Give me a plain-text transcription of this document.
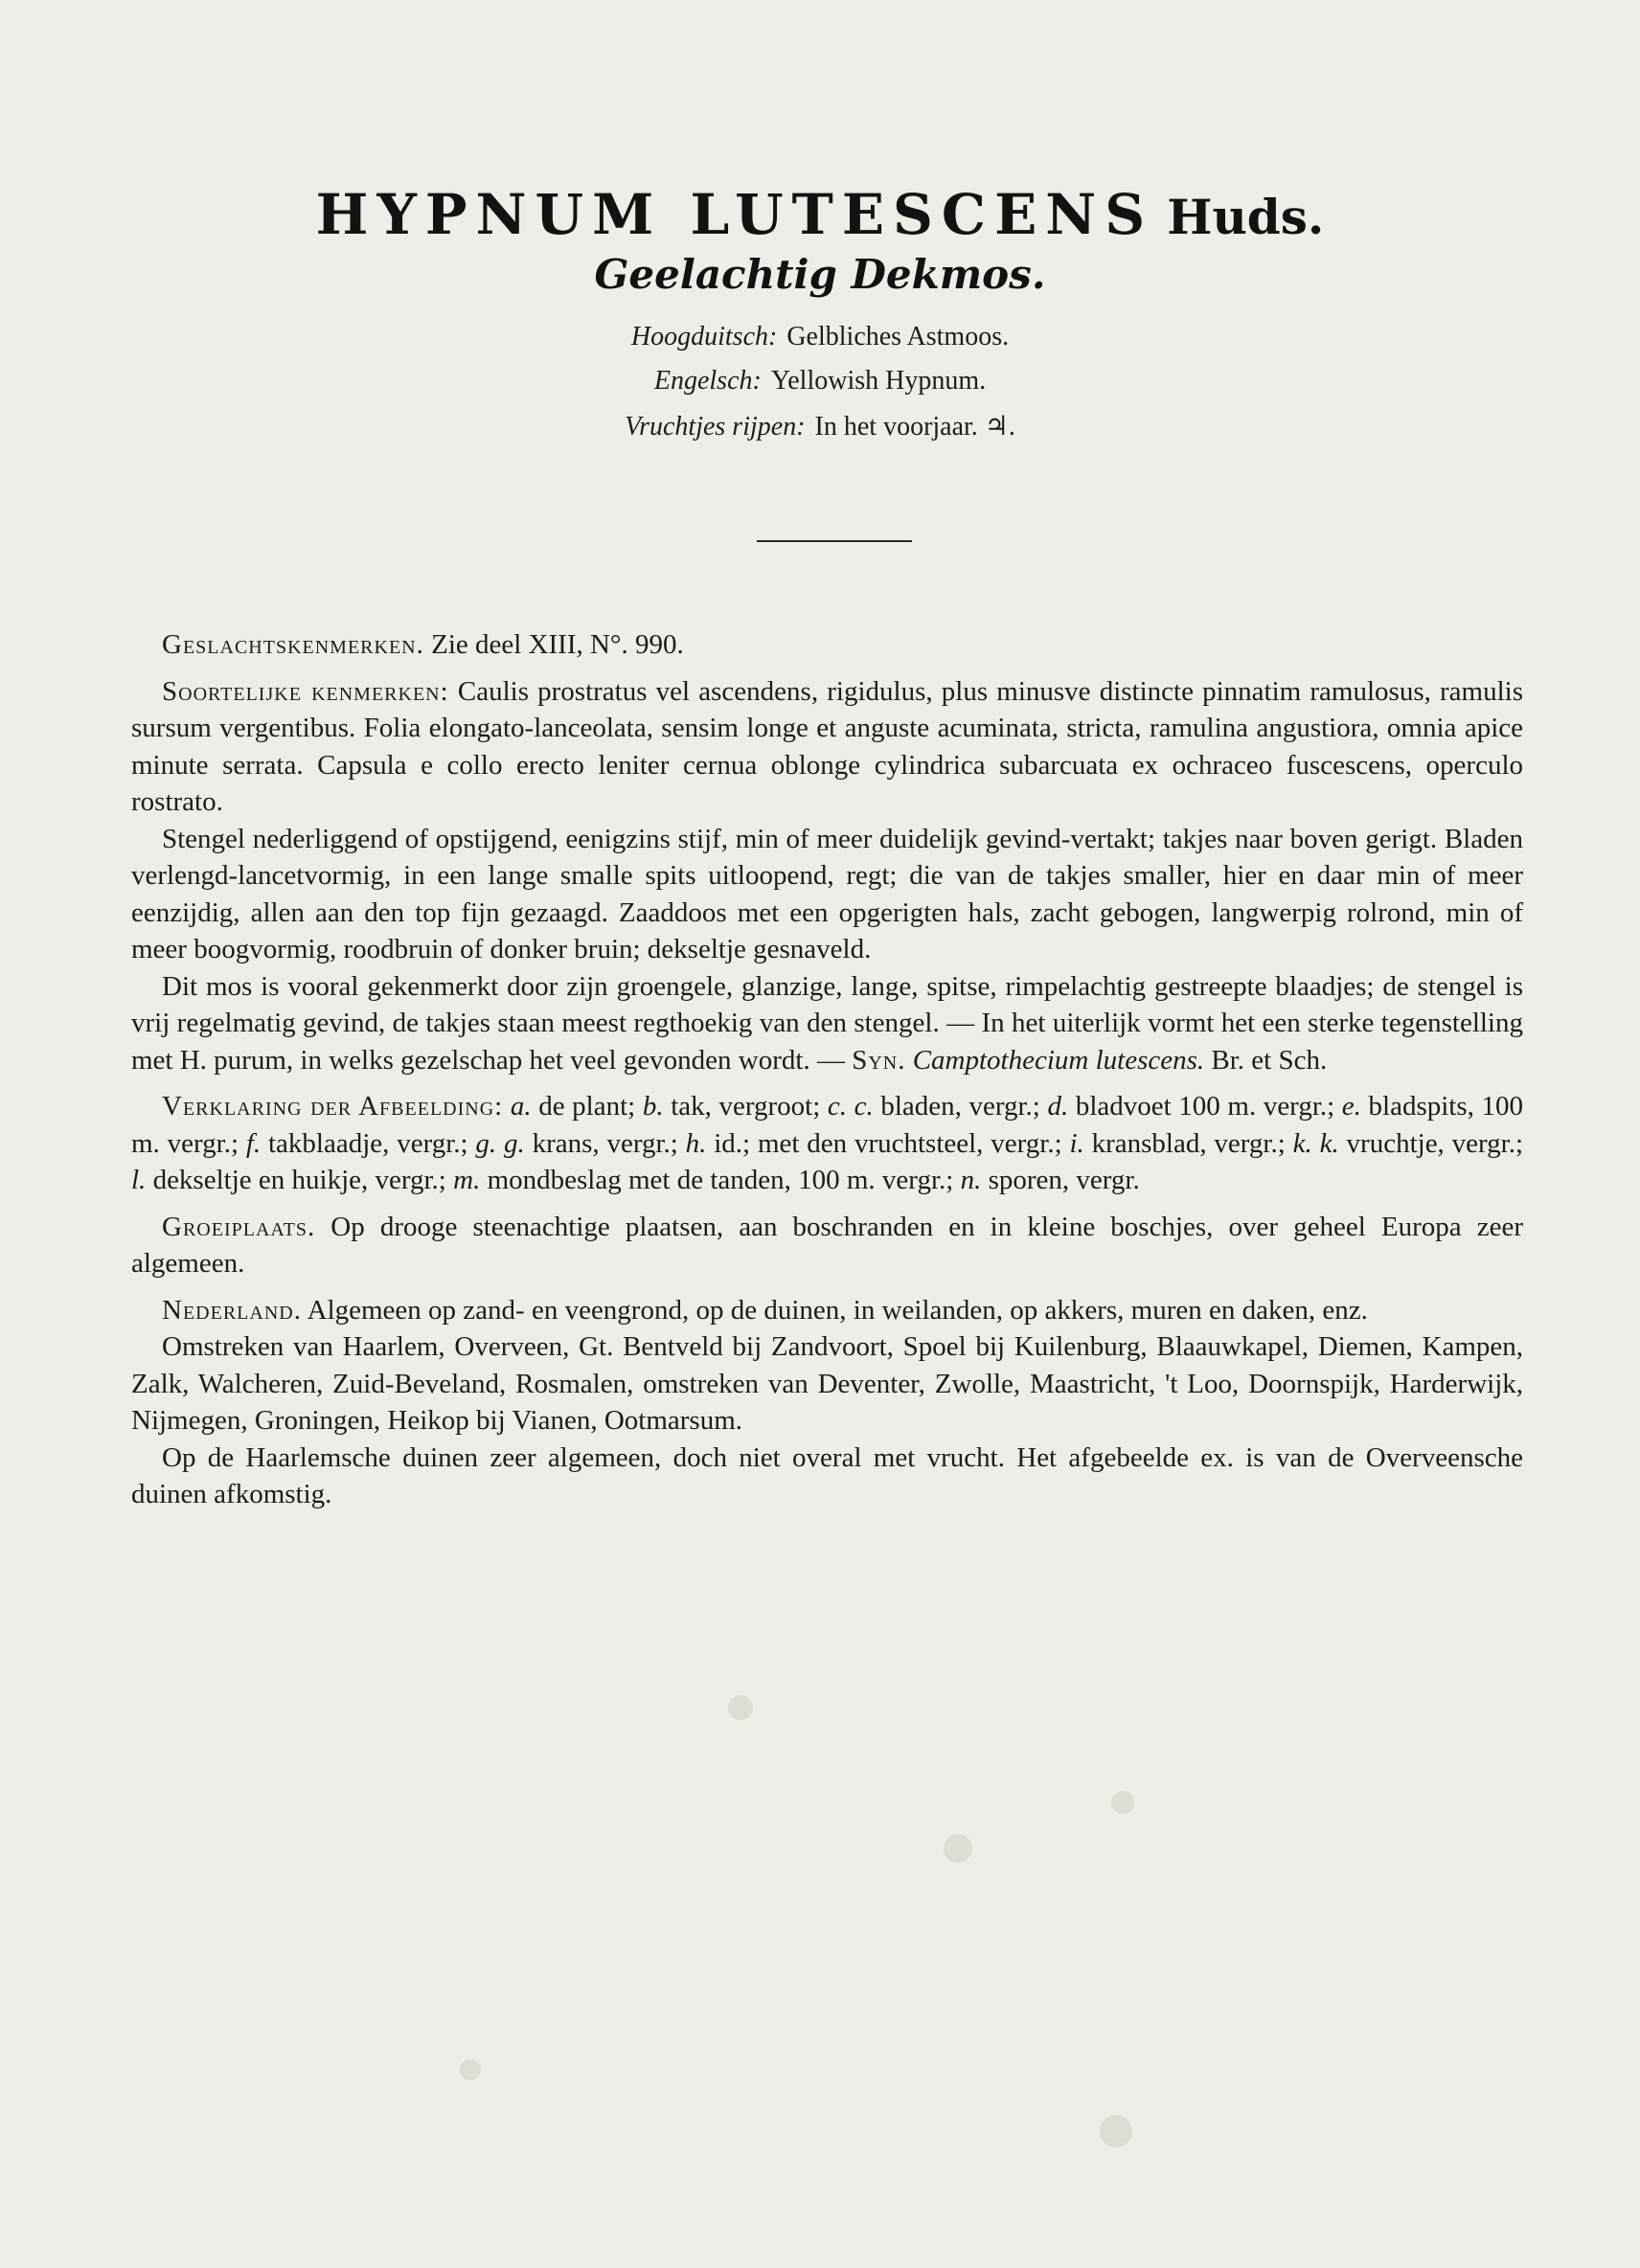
HYPNUM LUTESCENS Huds.
Geelachtig Dekmos.
Hoogduitsch: Gelbliches Astmoos.
Engelsch: Yellowish Hypnum.
Vruchtjes rijpen: In het voorjaar. ♃.

Geslachtskenmerken. Zie deel XIII, N°. 990.

Soortelijke kenmerken: Caulis prostratus vel ascendens, rigidulus, plus minusve distincte pinnatim ramulosus, ramulis sursum vergentibus. Folia elongato-lanceolata, sensim longe et anguste acuminata, stricta, ramulina angustiora, omnia apice minute serrata. Capsula e collo erecto leniter cernua oblonge cylindrica subarcuata ex ochraceo fuscescens, operculo rostrato.

Stengel nederliggend of opstijgend, eenigzins stijf, min of meer duidelijk gevind-vertakt; takjes naar boven gerigt. Bladen verlengd-lancetvormig, in een lange smalle spits uitloopend, regt; die van de takjes smaller, hier en daar min of meer eenzijdig, allen aan den top fijn gezaagd. Zaaddoos met een opgerigten hals, zacht gebogen, langwerpig rolrond, min of meer boogvormig, roodbruin of donker bruin; dekseltje gesnaveld.

Dit mos is vooral gekenmerkt door zijn groengele, glanzige, lange, spitse, rimpelachtig gestreepte blaadjes; de stengel is vrij regelmatig gevind, de takjes staan meest regthoekig van den stengel. — In het uiterlijk vormt het een sterke tegenstelling met H. purum, in welks gezelschap het veel gevonden wordt. — Syn. Camptothecium lutescens. Br. et Sch.

Verklaring der Afbeelding: a. de plant; b. tak, vergroot; c. c. bladen, vergr.; d. bladvoet 100 m. vergr.; e. bladspits, 100 m. vergr.; f. takblaadje, vergr.; g. g. krans, vergr.; h. id.; met den vruchtsteel, vergr.; i. kransblad, vergr.; k. k. vruchtje, vergr.; l. dekseltje en huikje, vergr.; m. mondbeslag met de tanden, 100 m. vergr.; n. sporen, vergr.

Groeiplaats. Op drooge steenachtige plaatsen, aan boschranden en in kleine boschjes, over geheel Europa zeer algemeen.

Nederland. Algemeen op zand- en veengrond, op de duinen, in weilanden, op akkers, muren en daken, enz.

Omstreken van Haarlem, Overveen, Gt. Bentveld bij Zandvoort, Spoel bij Kuilenburg, Blaauwkapel, Diemen, Kampen, Zalk, Walcheren, Zuid-Beveland, Rosmalen, omstreken van Deventer, Zwolle, Maastricht, 't Loo, Doornspijk, Harderwijk, Nijmegen, Groningen, Heikop bij Vianen, Ootmarsum.

Op de Haarlemsche duinen zeer algemeen, doch niet overal met vrucht. Het afgebeelde ex. is van de Overveensche duinen afkomstig.
